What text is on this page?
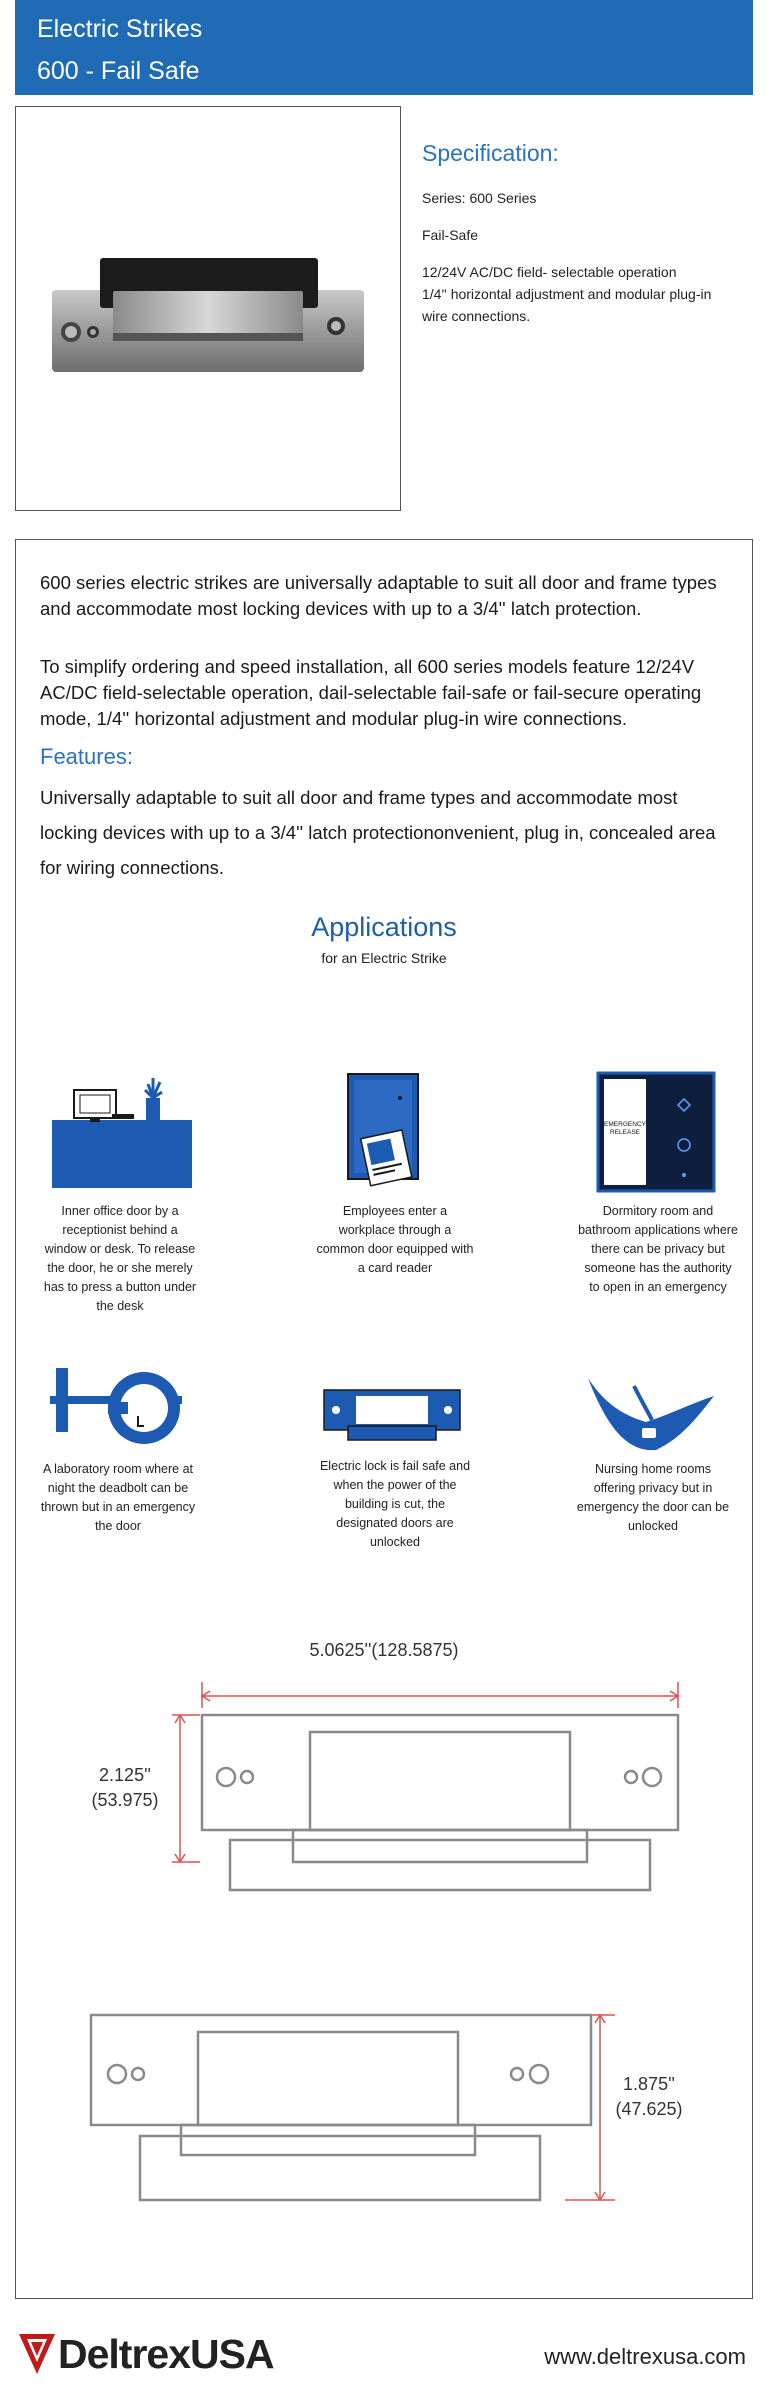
Electric Strikes
600 - Fail Safe
Specification:

Series: 600 Series

Fail-Safe

12/24V AC/DC field- selectable operation

1/4'' horizontal adjustment and modular plug-in

wire connections.

600 series electric strikes are universally adaptable to suit all door and frame types and accommodate most locking devices with up to a 3/4'' latch protection.
To simplify ordering and speed installation, all 600 series models feature 12/24V AC/DC field-selectable operation, dail-selectable fail-safe or fail-secure operating mode, 1/4'' horizontal adjustment and modular plug-in wire connections.
Features:
Universally adaptable to suit all door and frame types and accommodate most locking devices with up to a 3/4'' latch protectiononvenient, plug in, concealed area for wiring connections.
Applications
for an Electric Strike
EMERGENCY
RELEASE
Inner office door by a receptionist behind a window or desk. To release the door, he or she merely has to press a button under the desk
Employees enter a workplace through a common door equipped with a card reader
Dormitory room and bathroom applications where there can be privacy but someone has the authority to open in an emergency
A laboratory room where at night the deadbolt can be thrown but in an emergency the door
Electric lock is fail safe and when the power of the building is cut, the designated doors are unlocked
Nursing home rooms offering privacy but in emergency the door can be unlocked
5.0625''(128.5875)
2.125''
(53.975)
1.875''
(47.625)
DeltrexUSA	www.deltrexusa.com
